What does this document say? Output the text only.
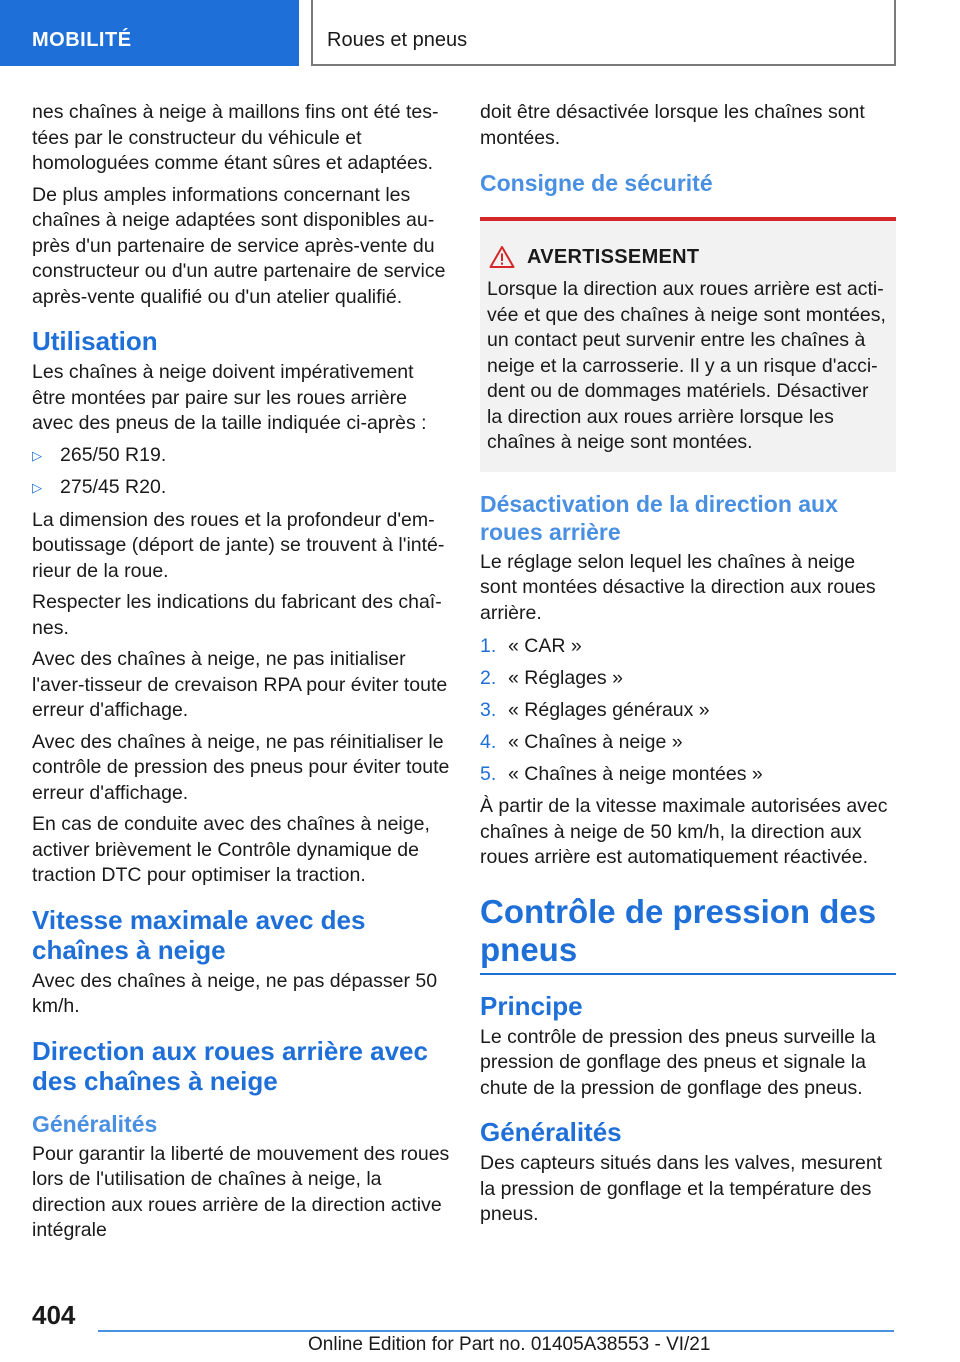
MOBILITÉ	Roues et pneus

nes chaînes à neige à maillons fins ont été tes-tées par le constructeur du véhicule et homologuées comme étant sûres et adaptées.

De plus amples informations concernant les chaînes à neige adaptées sont disponibles au-près d'un partenaire de service après-vente du constructeur ou d'un autre partenaire de service après-vente qualifié ou d'un atelier qualifié.

Utilisation

Les chaînes à neige doivent impérativement être montées par paire sur les roues arrière avec des pneus de la taille indiquée ci-après :

▷ 265/50 R19.
▷ 275/45 R20.

La dimension des roues et la profondeur d'em-boutissage (déport de jante) se trouvent à l'inté-rieur de la roue.

Respecter les indications du fabricant des chaî-nes.

Avec des chaînes à neige, ne pas initialiser l'aver-tisseur de crevaison RPA pour éviter toute erreur d'affichage.

Avec des chaînes à neige, ne pas réinitialiser le contrôle de pression des pneus pour éviter toute erreur d'affichage.

En cas de conduite avec des chaînes à neige, activer brièvement le Contrôle dynamique de traction DTC pour optimiser la traction.

Vitesse maximale avec des chaînes à neige

Avec des chaînes à neige, ne pas dépasser 50 km/h.

Direction aux roues arrière avec des chaînes à neige
Généralités

Pour garantir la liberté de mouvement des roues lors de l'utilisation de chaînes à neige, la direction aux roues arrière de la direction active intégrale

doit être désactivée lorsque les chaînes sont montées.

Consigne de sécurité
AVERTISSEMENT

Lorsque la direction aux roues arrière est acti-vée et que des chaînes à neige sont montées, un contact peut survenir entre les chaînes à neige et la carrosserie. Il y a un risque d'acci-dent ou de dommages matériels. Désactiver la direction aux roues arrière lorsque les chaînes à neige sont montées.

Désactivation de la direction aux roues arrière

Le réglage selon lequel les chaînes à neige sont montées désactive la direction aux roues arrière.

1. « CAR »
2. « Réglages »
3. « Réglages généraux »
4. « Chaînes à neige »
5. « Chaînes à neige montées »

À partir de la vitesse maximale autorisées avec chaînes à neige de 50 km/h, la direction aux roues arrière est automatiquement réactivée.

Contrôle de pression des pneus
Principe

Le contrôle de pression des pneus surveille la pression de gonflage des pneus et signale la chute de la pression de gonflage des pneus.

Généralités

Des capteurs situés dans les valves, mesurent la pression de gonflage et la température des pneus.

404
Online Edition for Part no. 01405A38553 - VI/21
